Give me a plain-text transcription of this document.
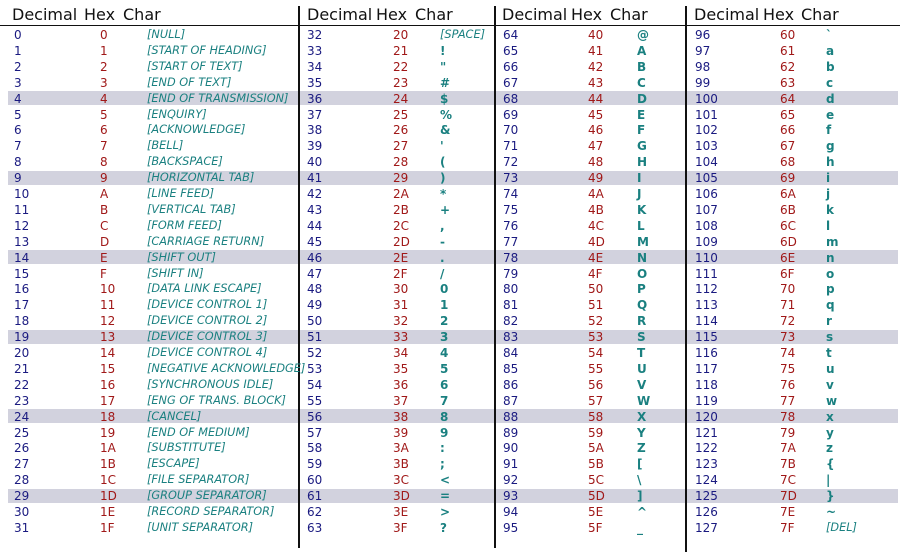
Decimal Hex Char
0	0	[NULL]
1	1	[START OF HEADING]
2	2	[START OF TEXT]
3	3	[END OF TEXT]
4	4	[END OF TRANSMISSION]
5	5	[ENQUIRY]
6	6	[ACKNOWLEDGE]
7	7	[BELL]
8	8	[BACKSPACE]
9	9	[HORIZONTAL TAB]
10	A	[LINE FEED]
11	B	[VERTICAL TAB]
12	C	[FORM FEED]
13	D	[CARRIAGE RETURN]
14	E	[SHIFT OUT]
15	F	[SHIFT IN]
16	10	[DATA LINK ESCAPE]
17	11	[DEVICE CONTROL 1]
18	12	[DEVICE CONTROL 2]
19	13	[DEVICE CONTROL 3]
20	14	[DEVICE CONTROL 4]
21	15	[NEGATIVE ACKNOWLEDGE]
22	16	[SYNCHRONOUS IDLE]
23	17	[ENG OF TRANS. BLOCK]
24	18	[CANCEL]
25	19	[END OF MEDIUM]
26	1A	[SUBSTITUTE]
27	1B	[ESCAPE]
28	1C	[FILE SEPARATOR]
29	1D	[GROUP SEPARATOR]
30	1E	[RECORD SEPARATOR]
31	1F	[UNIT SEPARATOR]
Decimal Hex Char
32	20	[SPACE]
33	21	!
34	22	"
35	23	#
36	24	$
37	25	%
38	26	&
39	27	'
40	28	(
41	29	)
42	2A	*
43	2B	+
44	2C	,
45	2D	-
46	2E	.
47	2F	/
48	30	0
49	31	1
50	32	2
51	33	3
52	34	4
53	35	5
54	36	6
55	37	7
56	38	8
57	39	9
58	3A	:
59	3B	;
60	3C	<
61	3D	=
62	3E	>
63	3F	?
Decimal Hex Char
64	40	@
65	41	A
66	42	B
67	43	C
68	44	D
69	45	E
70	46	F
71	47	G
72	48	H
73	49	I
74	4A	J
75	4B	K
76	4C	L
77	4D	M
78	4E	N
79	4F	O
80	50	P
81	51	Q
82	52	R
83	53	S
84	54	T
85	55	U
86	56	V
87	57	W
88	58	X
89	59	Y
90	5A	Z
91	5B	[
92	5C	\
93	5D	]
94	5E	^
95	5F	_
Decimal Hex Char
96	60	`
97	61	a
98	62	b
99	63	c
100	64	d
101	65	e
102	66	f
103	67	g
104	68	h
105	69	i
106	6A	j
107	6B	k
108	6C l
109	6D m
110	6E	n
111	6F	o
112	70	p
113	71	q
114	72	r
115	73	s
116	74	t
117	75	u
118	76	v
119	77	w
120	78	x
121	79	y
122	7A	z
123	7B	{
124	7C |
125	7D }
126	7E	~
127	7F	[DEL]
